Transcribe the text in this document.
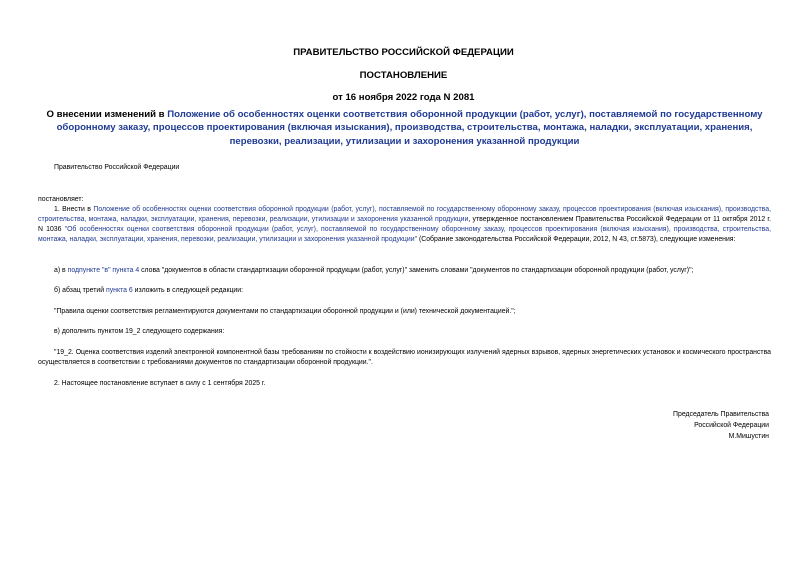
ПРАВИТЕЛЬСТВО РОССИЙСКОЙ ФЕДЕРАЦИИ
ПОСТАНОВЛЕНИЕ
от 16 ноября 2022 года N 2081
О внесении изменений в Положение об особенностях оценки соответствия оборонной продукции (работ, услуг), поставляемой по государственному оборонному заказу, процессов проектирования (включая изыскания), производства, строительства, монтажа, наладки, эксплуатации, хранения, перевозки, реализации, утилизации и захоронения указанной продукции
Правительство Российской Федерации
постановляет:
1. Внести в Положение об особенностях оценки соответствия оборонной продукции (работ, услуг), поставляемой по государственному оборонному заказу, процессов проектирования (включая изыскания), производства, строительства, монтажа, наладки, эксплуатации, хранения, перевозки, реализации, утилизации и захоронения указанной продукции, утвержденное постановлением Правительства Российской Федерации от 11 октября 2012 г. N 1036 "Об особенностях оценки соответствия оборонной продукции (работ, услуг), поставляемой по государственному оборонному заказу, процессов проектирования (включая изыскания), производства, строительства, монтажа, наладки, эксплуатации, хранения, перевозки, реализации, утилизации и захоронения указанной продукции" (Собрание законодательства Российской Федерации, 2012, N 43, ст.5873), следующие изменения:
а) в подпункте "в" пункта 4 слова "документов в области стандартизации оборонной продукции (работ, услуг)" заменить словами "документов по стандартизации оборонной продукции (работ, услуг)";
б) абзац третий пункта 6 изложить в следующей редакции:
"Правила оценки соответствия регламентируются документами по стандартизации оборонной продукции и (или) технической документацией.";
в) дополнить пунктом 19_2 следующего содержания:
"19_2. Оценка соответствия изделий электронной компонентной базы требованиям по стойкости к воздействию ионизирующих излучений ядерных взрывов, ядерных энергетических установок и космического пространства осуществляется в соответствии с требованиями документов по стандартизации оборонной продукции.".
2. Настоящее постановление вступает в силу с 1 сентября 2025 г.
Председатель Правительства
Российской Федерации
М.Мишустин
